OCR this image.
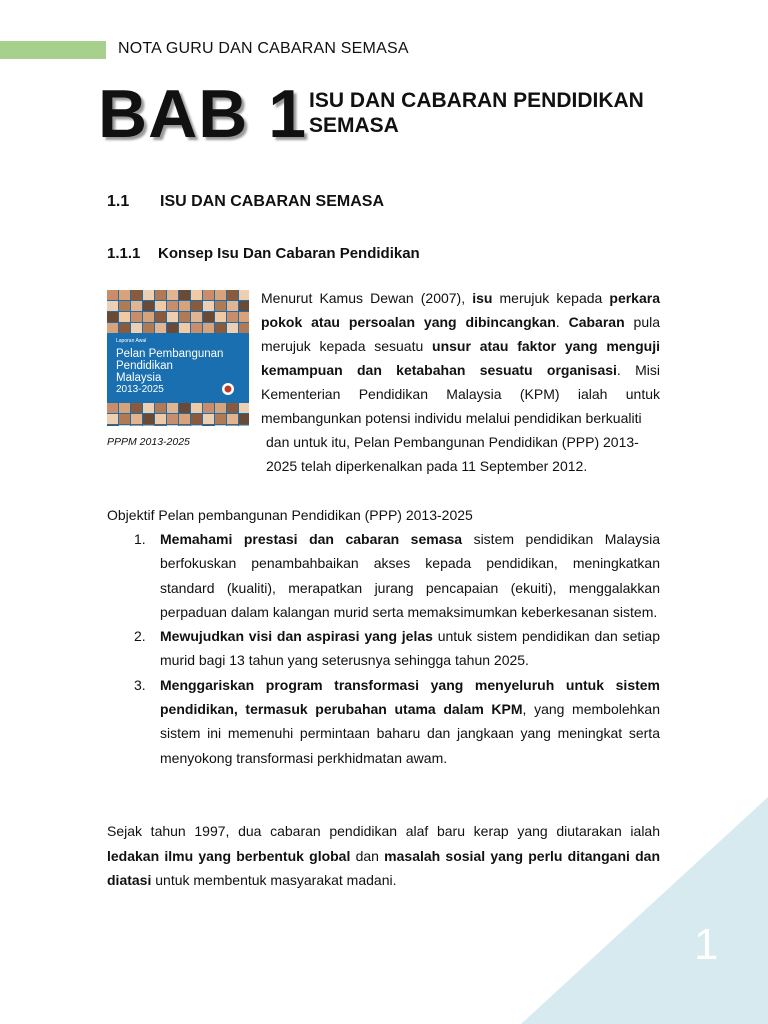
NOTA GURU DAN CABARAN SEMASA
BAB 1 ISU DAN CABARAN PENDIDIKAN
SEMASA
1.1 ISU DAN CABARAN SEMASA
1.1.1 Konsep Isu Dan Cabaran Pendidikan
Laporan Awal
Pelan Pembangunan
Pendidikan
Malaysia
2013-2025
PPPM 2013-2025

Menurut Kamus Dewan (2007), isu merujuk kepada perkara pokok atau persoalan yang dibincangkan. Cabaran pula merujuk kepada sesuatu unsur atau faktor yang menguji kemampuan dan ketabahan sesuatu organisasi. Misi Kementerian Pendidikan Malaysia (KPM) ialah untuk membangunkan potensi individu melalui pendidikan berkualiti

dan untuk itu, Pelan Pembangunan Pendidikan (PPP) 2013-2025 telah diperkenalkan pada 11 September 2012.

Objektif Pelan pembangunan Pendidikan (PPP) 2013-2025
1. Memahami prestasi dan cabaran semasa sistem pendidikan Malaysia berfokuskan penambahbaikan akses kepada pendidikan, meningkatkan standard (kualiti), merapatkan jurang pencapaian (ekuiti), menggalakkan perpaduan dalam kalangan murid serta memaksimumkan keberkesanan sistem.
2. Mewujudkan visi dan aspirasi yang jelas untuk sistem pendidikan dan setiap murid bagi 13 tahun yang seterusnya sehingga tahun 2025.
3. Menggariskan program transformasi yang menyeluruh untuk sistem pendidikan, termasuk perubahan utama dalam KPM, yang membolehkan sistem ini memenuhi permintaan baharu dan jangkaan yang meningkat serta menyokong transformasi perkhidmatan awam.

Sejak tahun 1997, dua cabaran pendidikan alaf baru kerap yang diutarakan ialah ledakan ilmu yang berbentuk global dan masalah sosial yang perlu ditangani dan diatasi untuk membentuk masyarakat madani.

1
